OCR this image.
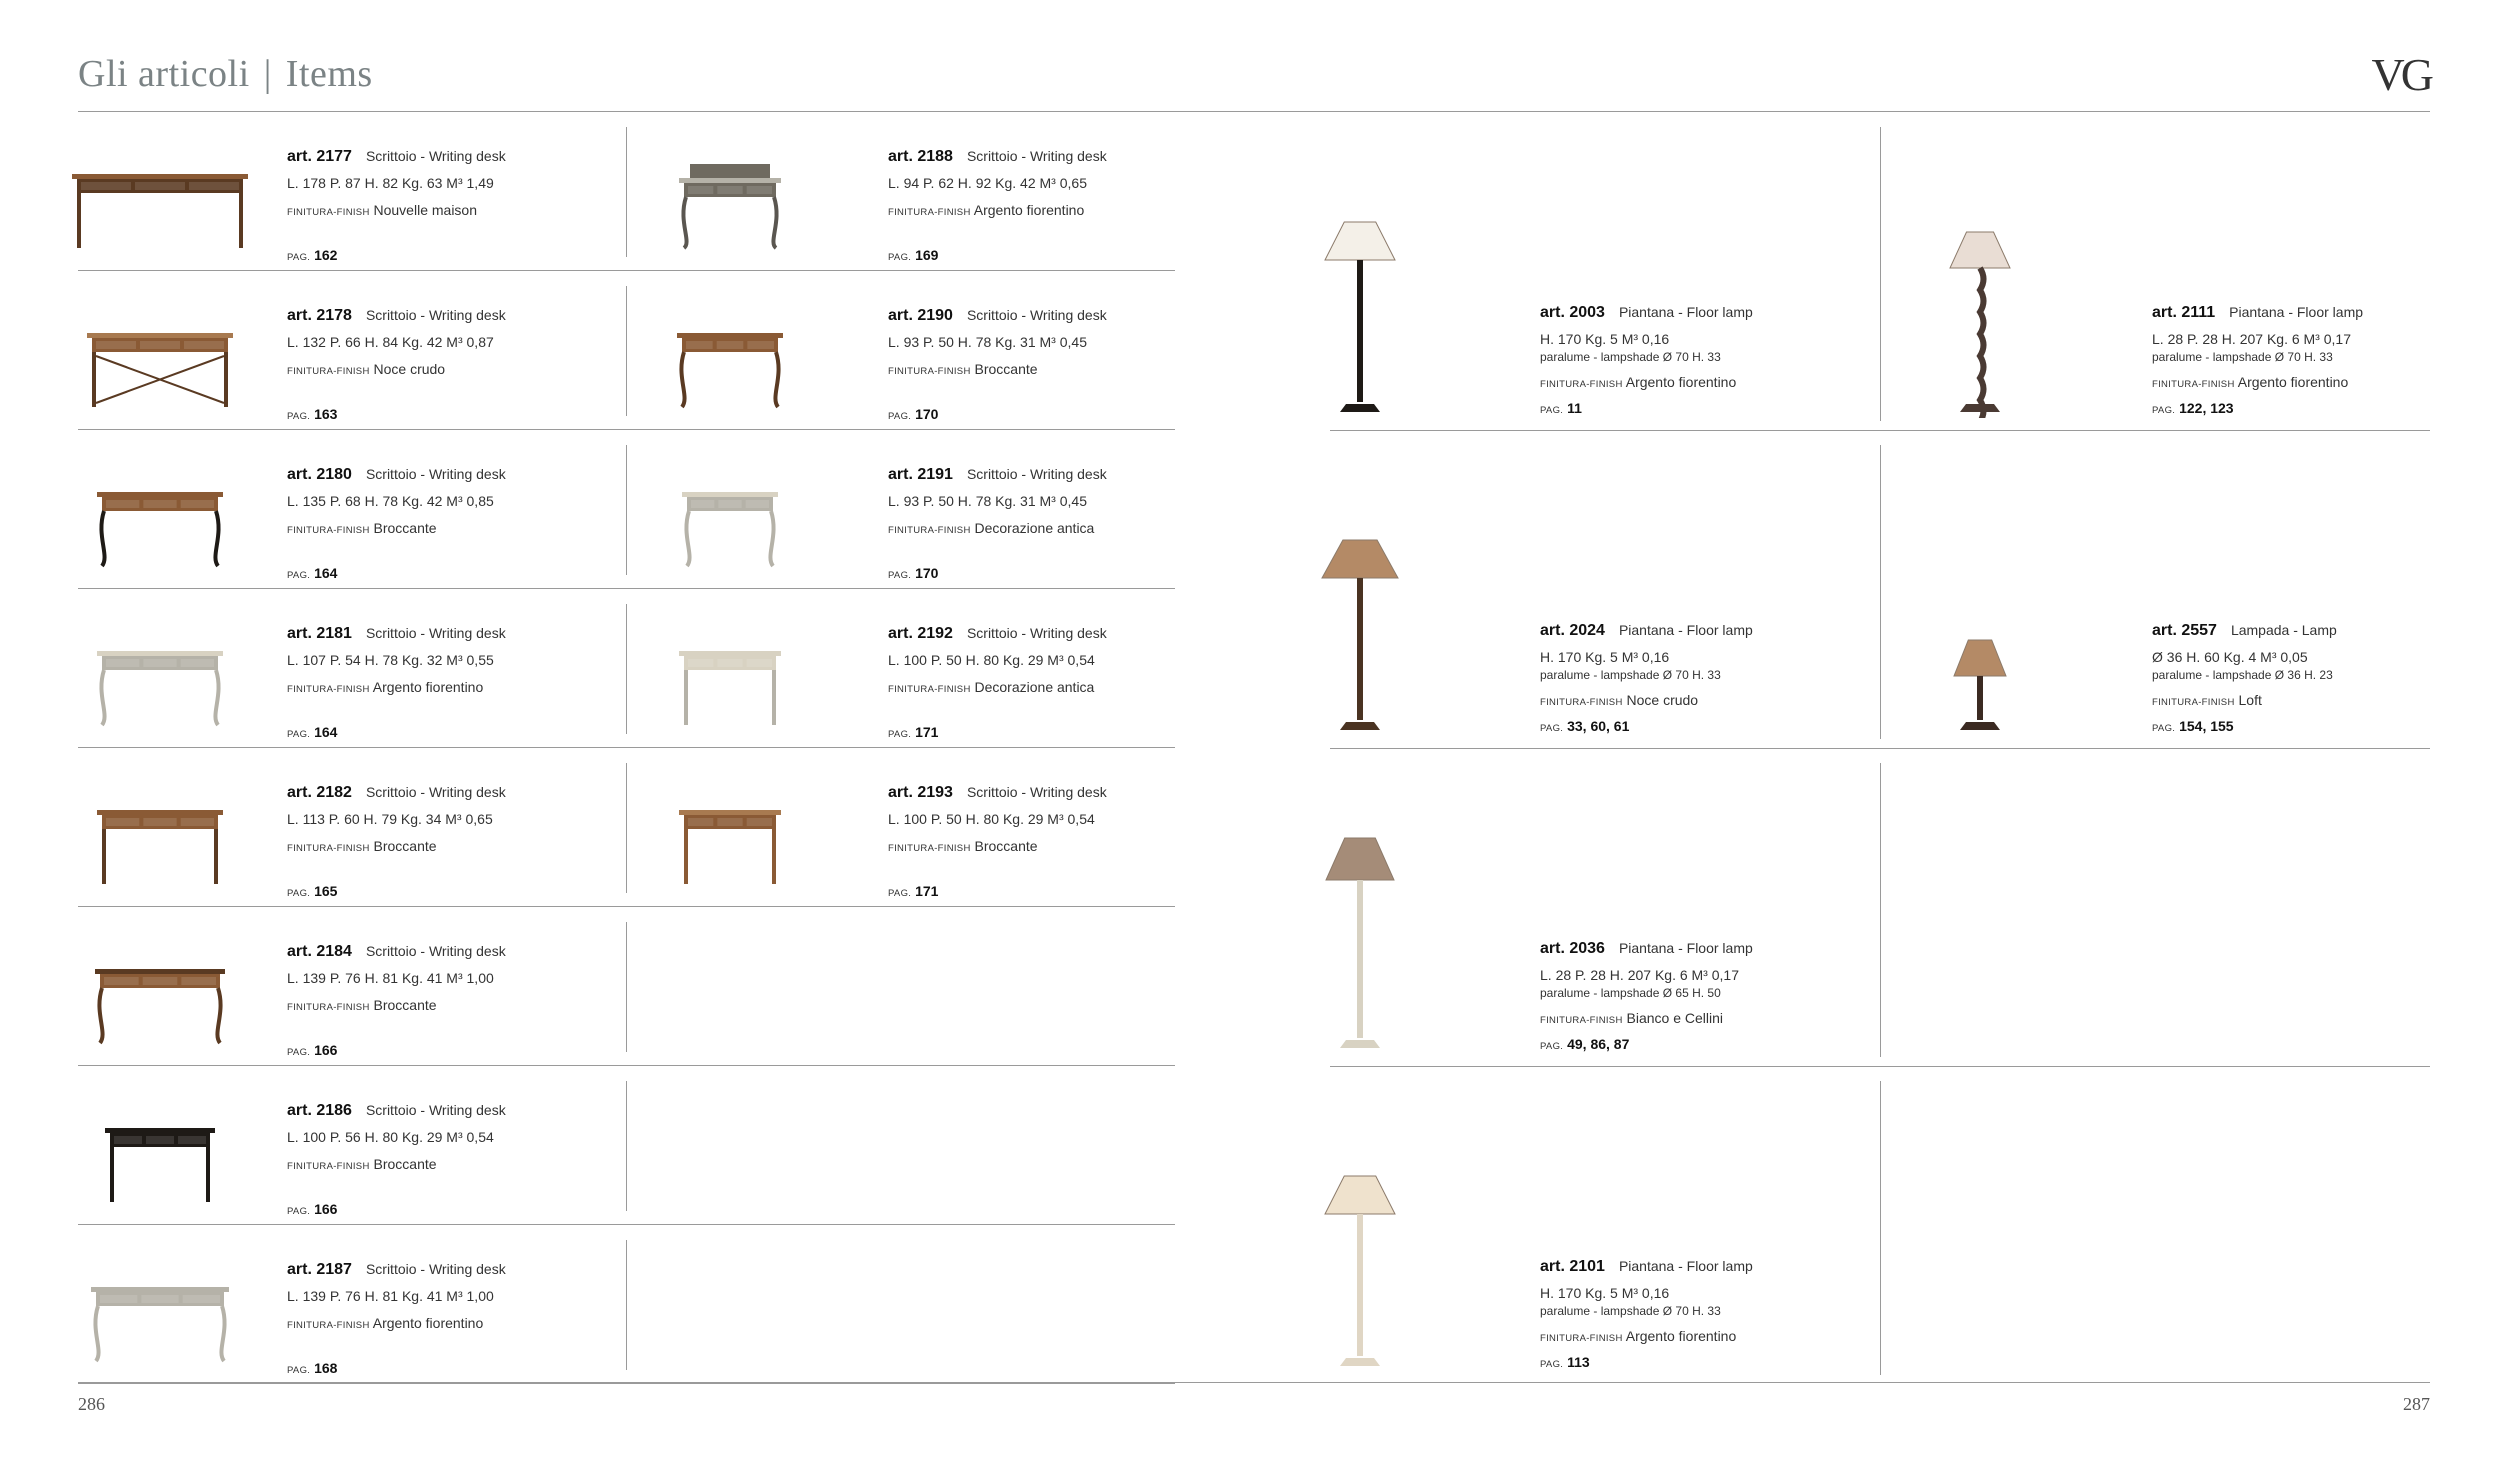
Gli articoli | Items	VG
art. 2177 Scrittoio - Writing desk
L. 178 P. 87 H. 82 Kg. 63 M³ 1,49
FINITURA-FINISH Nouvelle maison
PAG. 162
art. 2178 Scrittoio - Writing desk
L. 132 P. 66 H. 84 Kg. 42 M³ 0,87
FINITURA-FINISH Noce crudo
PAG. 163
art. 2180 Scrittoio - Writing desk
L. 135 P. 68 H. 78 Kg. 42 M³ 0,85
FINITURA-FINISH Broccante
PAG. 164
art. 2181 Scrittoio - Writing desk
L. 107 P. 54 H. 78 Kg. 32 M³ 0,55
FINITURA-FINISH Argento fiorentino
PAG. 164
art. 2182 Scrittoio - Writing desk
L. 113 P. 60 H. 79 Kg. 34 M³ 0,65
FINITURA-FINISH Broccante
PAG. 165
art. 2184 Scrittoio - Writing desk
L. 139 P. 76 H. 81 Kg. 41 M³ 1,00
FINITURA-FINISH Broccante
PAG. 166
art. 2186 Scrittoio - Writing desk
L. 100 P. 56 H. 80 Kg. 29 M³ 0,54
FINITURA-FINISH Broccante
PAG. 166
art. 2187 Scrittoio - Writing desk
L. 139 P. 76 H. 81 Kg. 41 M³ 1,00
FINITURA-FINISH Argento fiorentino
PAG. 168
art. 2188 Scrittoio - Writing desk
L. 94 P. 62 H. 92 Kg. 42 M³ 0,65
FINITURA-FINISH Argento fiorentino
PAG. 169
art. 2190 Scrittoio - Writing desk
L. 93 P. 50 H. 78 Kg. 31 M³ 0,45
FINITURA-FINISH Broccante
PAG. 170
art. 2191 Scrittoio - Writing desk
L. 93 P. 50 H. 78 Kg. 31 M³ 0,45
FINITURA-FINISH Decorazione antica
PAG. 170
art. 2192 Scrittoio - Writing desk
L. 100 P. 50 H. 80 Kg. 29 M³ 0,54
FINITURA-FINISH Decorazione antica
PAG. 171
art. 2193 Scrittoio - Writing desk
L. 100 P. 50 H. 80 Kg. 29 M³ 0,54
FINITURA-FINISH Broccante
PAG. 171
art. 2003 Piantana - Floor lamp
H. 170 Kg. 5 M³ 0,16
paralume - lampshade Ø 70 H. 33
FINITURA-FINISH Argento fiorentino
PAG. 11
art. 2111 Piantana - Floor lamp
L. 28 P. 28 H. 207 Kg. 6 M³ 0,17
paralume - lampshade Ø 70 H. 33
FINITURA-FINISH Argento fiorentino
PAG. 122, 123
art. 2024 Piantana - Floor lamp
H. 170 Kg. 5 M³ 0,16
paralume - lampshade Ø 70 H. 33
FINITURA-FINISH Noce crudo
PAG. 33, 60, 61
art. 2557 Lampada - Lamp
Ø 36 H. 60 Kg. 4 M³ 0,05
paralume - lampshade Ø 36 H. 23
FINITURA-FINISH Loft
PAG. 154, 155
art. 2036 Piantana - Floor lamp
L. 28 P. 28 H. 207 Kg. 6 M³ 0,17
paralume - lampshade Ø 65 H. 50
FINITURA-FINISH Bianco e Cellini
PAG. 49, 86, 87
art. 2101 Piantana - Floor lamp
H. 170 Kg. 5 M³ 0,16
paralume - lampshade Ø 70 H. 33
FINITURA-FINISH Argento fiorentino
PAG. 113
286	287
